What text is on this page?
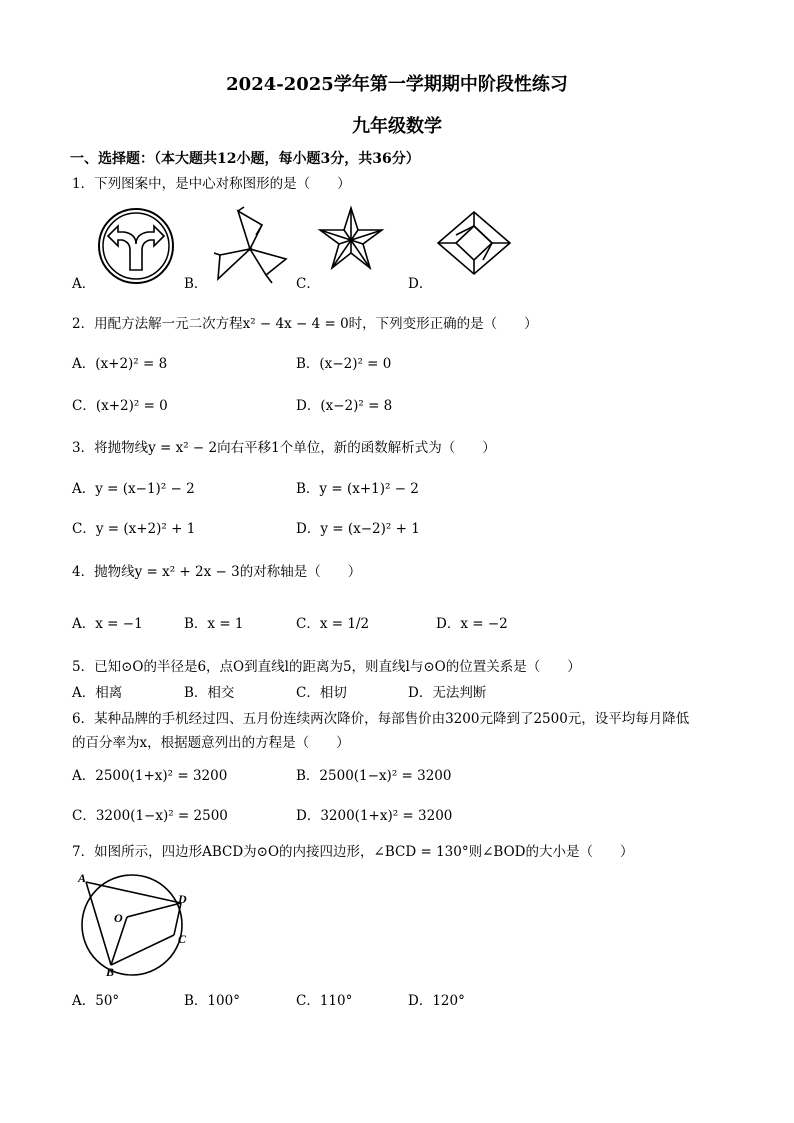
2024-2025学年第一学期期中阶段性练习
九年级数学
一、选择题：（本大题共12小题，每小题3分，共36分）
1．下列图案中，是中心对称图形的是（　　）
A．	B．	C．	D．
2．用配方法解一元二次方程x² − 4x − 4 = 0时，下列变形正确的是（　　）
A．(x+2)² = 8	B．(x−2)² = 0
C．(x+2)² = 0	D．(x−2)² = 8
3．将抛物线y = x² − 2向右平移1个单位，新的函数解析式为（　　）
A．y = (x−1)² − 2	B．y = (x+1)² − 2
C．y = (x+2)² + 1	D．y = (x−2)² + 1
4．抛物线y = x² + 2x − 3的对称轴是（　　）
A．x = −1	B．x = 1	C．x = 1/2	D．x = −2
5．已知⊙O的半径是6，点O到直线l的距离为5，则直线l与⊙O的位置关系是（　　）
A．相离	B．相交	C．相切	D．无法判断
6．某种品牌的手机经过四、五月份连续两次降价，每部售价由3200元降到了2500元，设平均每月降低
的百分率为x，根据题意列出的方程是（　　）
A．2500(1+x)² = 3200	B．2500(1−x)² = 3200
C．3200(1−x)² = 2500	D．3200(1+x)² = 3200
7．如图所示，四边形ABCD为⊙O的内接四边形，∠BCD = 130°则∠BOD的大小是（　　）
A
D
C
B
O
A．50°	B．100°	C．110°	D．120°
